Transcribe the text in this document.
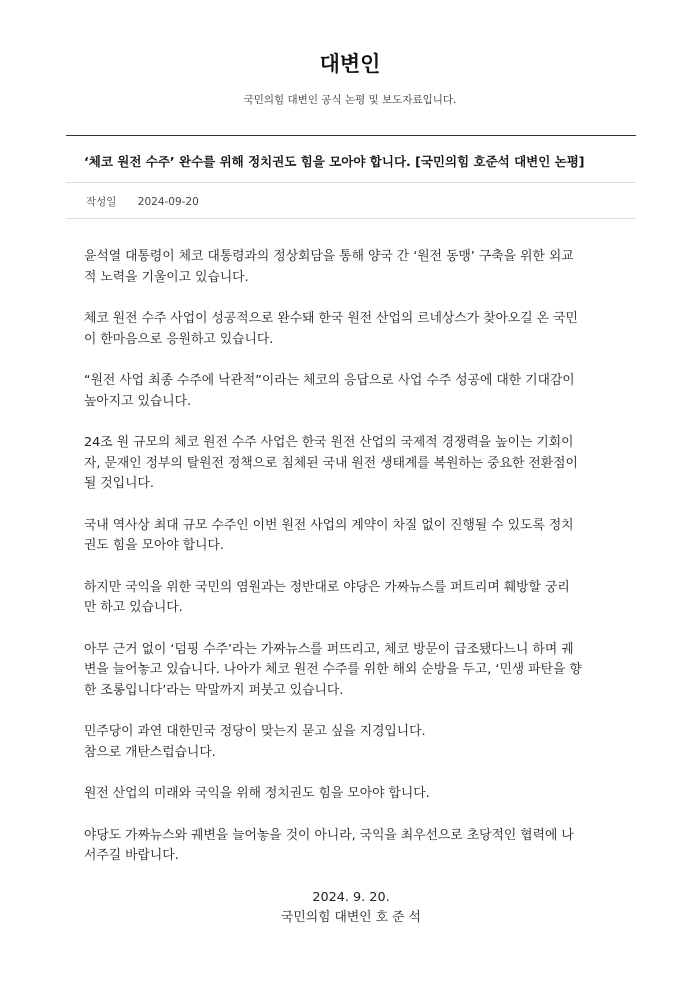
대변인
국민의힘 대변인 공식 논평 및 보도자료입니다.
‘체코 원전 수주’ 완수를 위해 정치권도 힘을 모아야 합니다. [국민의힘 호준석 대변인 논평]
작성일 2024-09-20

윤석열 대통령이 체코 대통령과의 정상회담을 통해 양국 간 ‘원전 동맹’ 구축을 위한 외교
적 노력을 기울이고 있습니다.

체코 원전 수주 사업이 성공적으로 완수돼 한국 원전 산업의 르네상스가 찾아오길 온 국민
이 한마음으로 응원하고 있습니다.

“원전 사업 최종 수주에 낙관적”이라는 체코의 응답으로 사업 수주 성공에 대한 기대감이
높아지고 있습니다.

24조 원 규모의 체코 원전 수주 사업은 한국 원전 산업의 국제적 경쟁력을 높이는 기회이
자, 문재인 정부의 탈원전 정책으로 침체된 국내 원전 생태계를 복원하는 중요한 전환점이
될 것입니다.

국내 역사상 최대 규모 수주인 이번 원전 사업의 계약이 차질 없이 진행될 수 있도록 정치
권도 힘을 모아야 합니다.

하지만 국익을 위한 국민의 염원과는 정반대로 야당은 가짜뉴스를 퍼트리며 훼방할 궁리
만 하고 있습니다.

아무 근거 없이 ‘덤핑 수주’라는 가짜뉴스를 퍼뜨리고, 체코 방문이 급조됐다느니 하며 궤
변을 늘어놓고 있습니다. 나아가 체코 원전 수주를 위한 해외 순방을 두고, ‘민생 파탄을 향
한 조롱입니다’라는 막말까지 퍼붓고 있습니다.

민주당이 과연 대한민국 정당이 맞는지 묻고 싶을 지경입니다.
참으로 개탄스럽습니다.

원전 산업의 미래와 국익을 위해 정치권도 힘을 모아야 합니다.

야당도 가짜뉴스와 궤변을 늘어놓을 것이 아니라, 국익을 최우선으로 초당적인 협력에 나
서주길 바랍니다.

2024. 9. 20.
국민의힘 대변인 호 준 석
